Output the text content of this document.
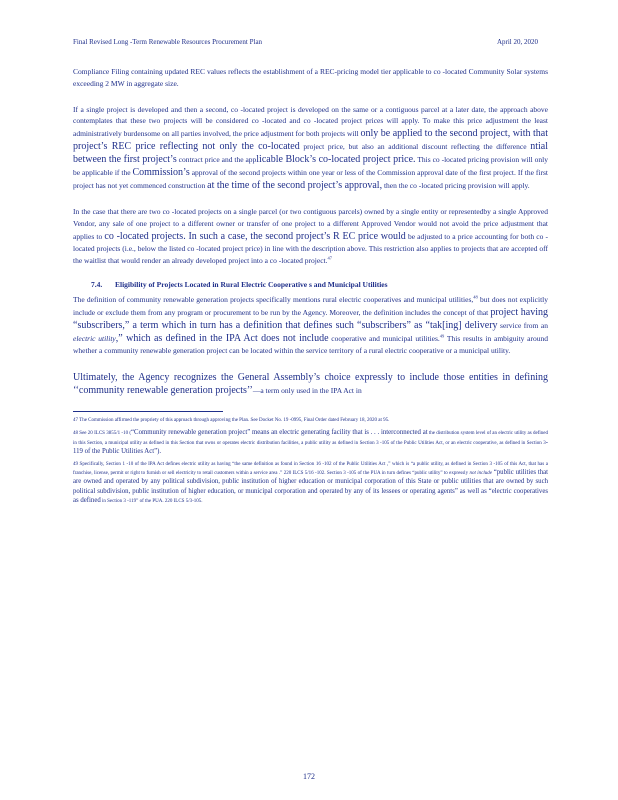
Final Revised Long -Term Renewable Resources Procurement Plan	April 20, 2020

Compliance Filing containing updated REC values reflects the establishment of a REC-pricing model tier applicable to co -located Community Solar systems exceeding 2 MW in aggregate size.

If a single project is developed and then a second, co -located project is developed on the same or a contiguous parcel at a later date, the approach above contemplates that these two projects will be considered co -located and co -located project prices will apply. To make this price adjustment the least administratively burdensome on all parties involved, the price adjustment for both projects will only be applied to the second project, with that project’s REC price reflecting not only the co-located project price, but also an additional discount reflecting the difference ntial between the first project’s contract price and the applicable Block’s co-located project price. This co -located pricing provision will only be applicable if the Commission’s approval of the second projects within one year or less of the Commission approval date of the first project. If the first project has not yet commenced construction at the time of the second project’s approval, then the co -located pricing provision will apply.

In the case that there are two co -located projects on a single parcel (or two contiguous parcels) owned by a single entity or representedby a single Approved Vendor, any sale of one project to a different owner or transfer of one project to a different Approved Vendor would not avoid the price adjustment that applies to co -located projects. In such a case, the second project’s R EC price would be adjusted to a price accounting for both co -located projects (i.e., below the listed co -located project price) in line with the description above. This restriction also applies to projects that are accepted off the waitlist that would render an already developed project into a co -located project.$^{47}$

7.4.	Eligibility of Projects Located in Rural Electric Cooperative s and Municipal Utilities

The definition of community renewable generation projects specifically mentions rural electric cooperatives and municipal utilities,$^{48}$ but does not explicitly include or exclude them from any program or procurement to be run by the Agency. Moreover, the definition includes the concept of that project having “subscribers,” a term which in turn has a definition that defines such “subscribers” as “tak[ing] delivery service from an electric utility,” which as defined in the IPA Act does not include cooperative and municipal utilities.$^{49}$ This results in ambiguity around whether a community renewable generation project can be located within the service territory of a rural electric cooperative or a municipal utility.

Ultimately, the Agency recognizes the General Assembly’s choice expressly to include those entities in defining ‘‘community renewable generation projects’’—a term only used in the IPA Act in

47 The Commission affirmed the propriety of this approach through approving the Plan. See Docket No. 19 -0995, Final Order dated February 18, 2020 at 95.
48 See 20 ILCS 3855/1 -10 (“Community renewable generation project” means an electric generating facility that is . . . interconnected at the distribution system level of an electric utility as defined in this Section, a municipal utility as defined in this Section that owns or operates electric distribution facilities, a public utility as defined in Section 3 -105 of the Public Utilities Act, or an electric cooperative, as defined in Section 3-119 of the Public Utilities Act”).
49 Specifically, Section 1 -10 of the IPA Act defines electric utility as having “the same definition as found in Section 16 -102 of the Public Utilities Act ,” which is “a public utility, as defined in Section 3 -105 of this Act, that has a franchise, license, permit or right to furnish or sell electricity to retail customers within a service area .” 220 ILCS 5/16 -102. Section 3 -105 of the PUA in turn defines “public utility” to expressly not include “public utilities that are owned and operated by any political subdivision, public institution of higher education or municipal corporation of this State or public utilities that are owned by such political subdivision, public institution of higher education, or municipal corporation and operated by any of its lessees or operating agents” as well as “electric cooperatives as defined in Section 3 -119” of the PUA. 220 ILCS 5/3-105.
172
